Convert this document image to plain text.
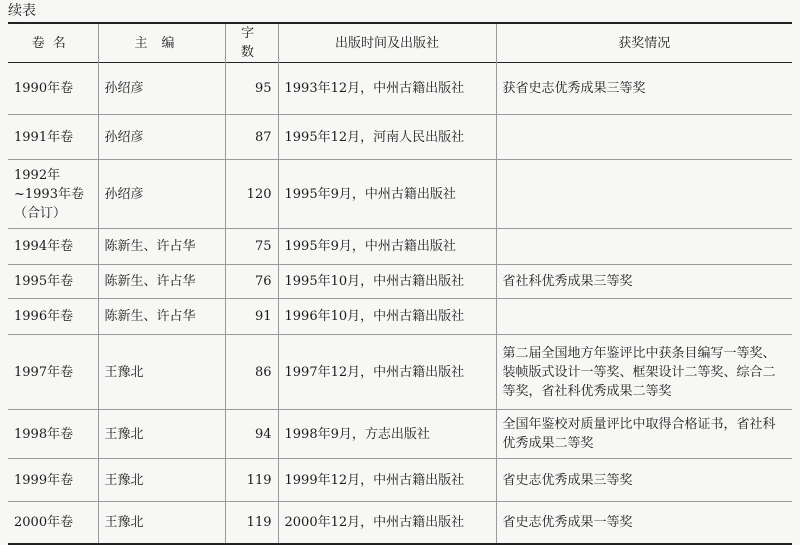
续表
卷名	主编	字数	出版时间及出版社	获奖情况
1990年卷	孙绍彦	95	1993年12月，中州古籍出版社	获省史志优秀成果三等奖
1991年卷	孙绍彦	87	1995年12月，河南人民出版社	
1992年~1993年卷（合订）	孙绍彦	120	1995年9月，中州古籍出版社	
1994年卷	陈新生、许占华	75	1995年9月，中州古籍出版社	
1995年卷	陈新生、许占华	76	1995年10月，中州古籍出版社	省社科优秀成果三等奖
1996年卷	陈新生、许占华	91	1996年10月，中州古籍出版社	
1997年卷	王豫北	86	1997年12月，中州古籍出版社	第二届全国地方年鉴评比中获条目编写一等奖、装帧版式设计一等奖、框架设计二等奖、综合二等奖，省社科优秀成果二等奖
1998年卷	王豫北	94	1998年9月，方志出版社	全国年鉴校对质量评比中取得合格证书，省社科优秀成果二等奖
1999年卷	王豫北	119	1999年12月，中州古籍出版社	省史志优秀成果三等奖
2000年卷	王豫北	119	2000年12月，中州古籍出版社	省史志优秀成果一等奖
